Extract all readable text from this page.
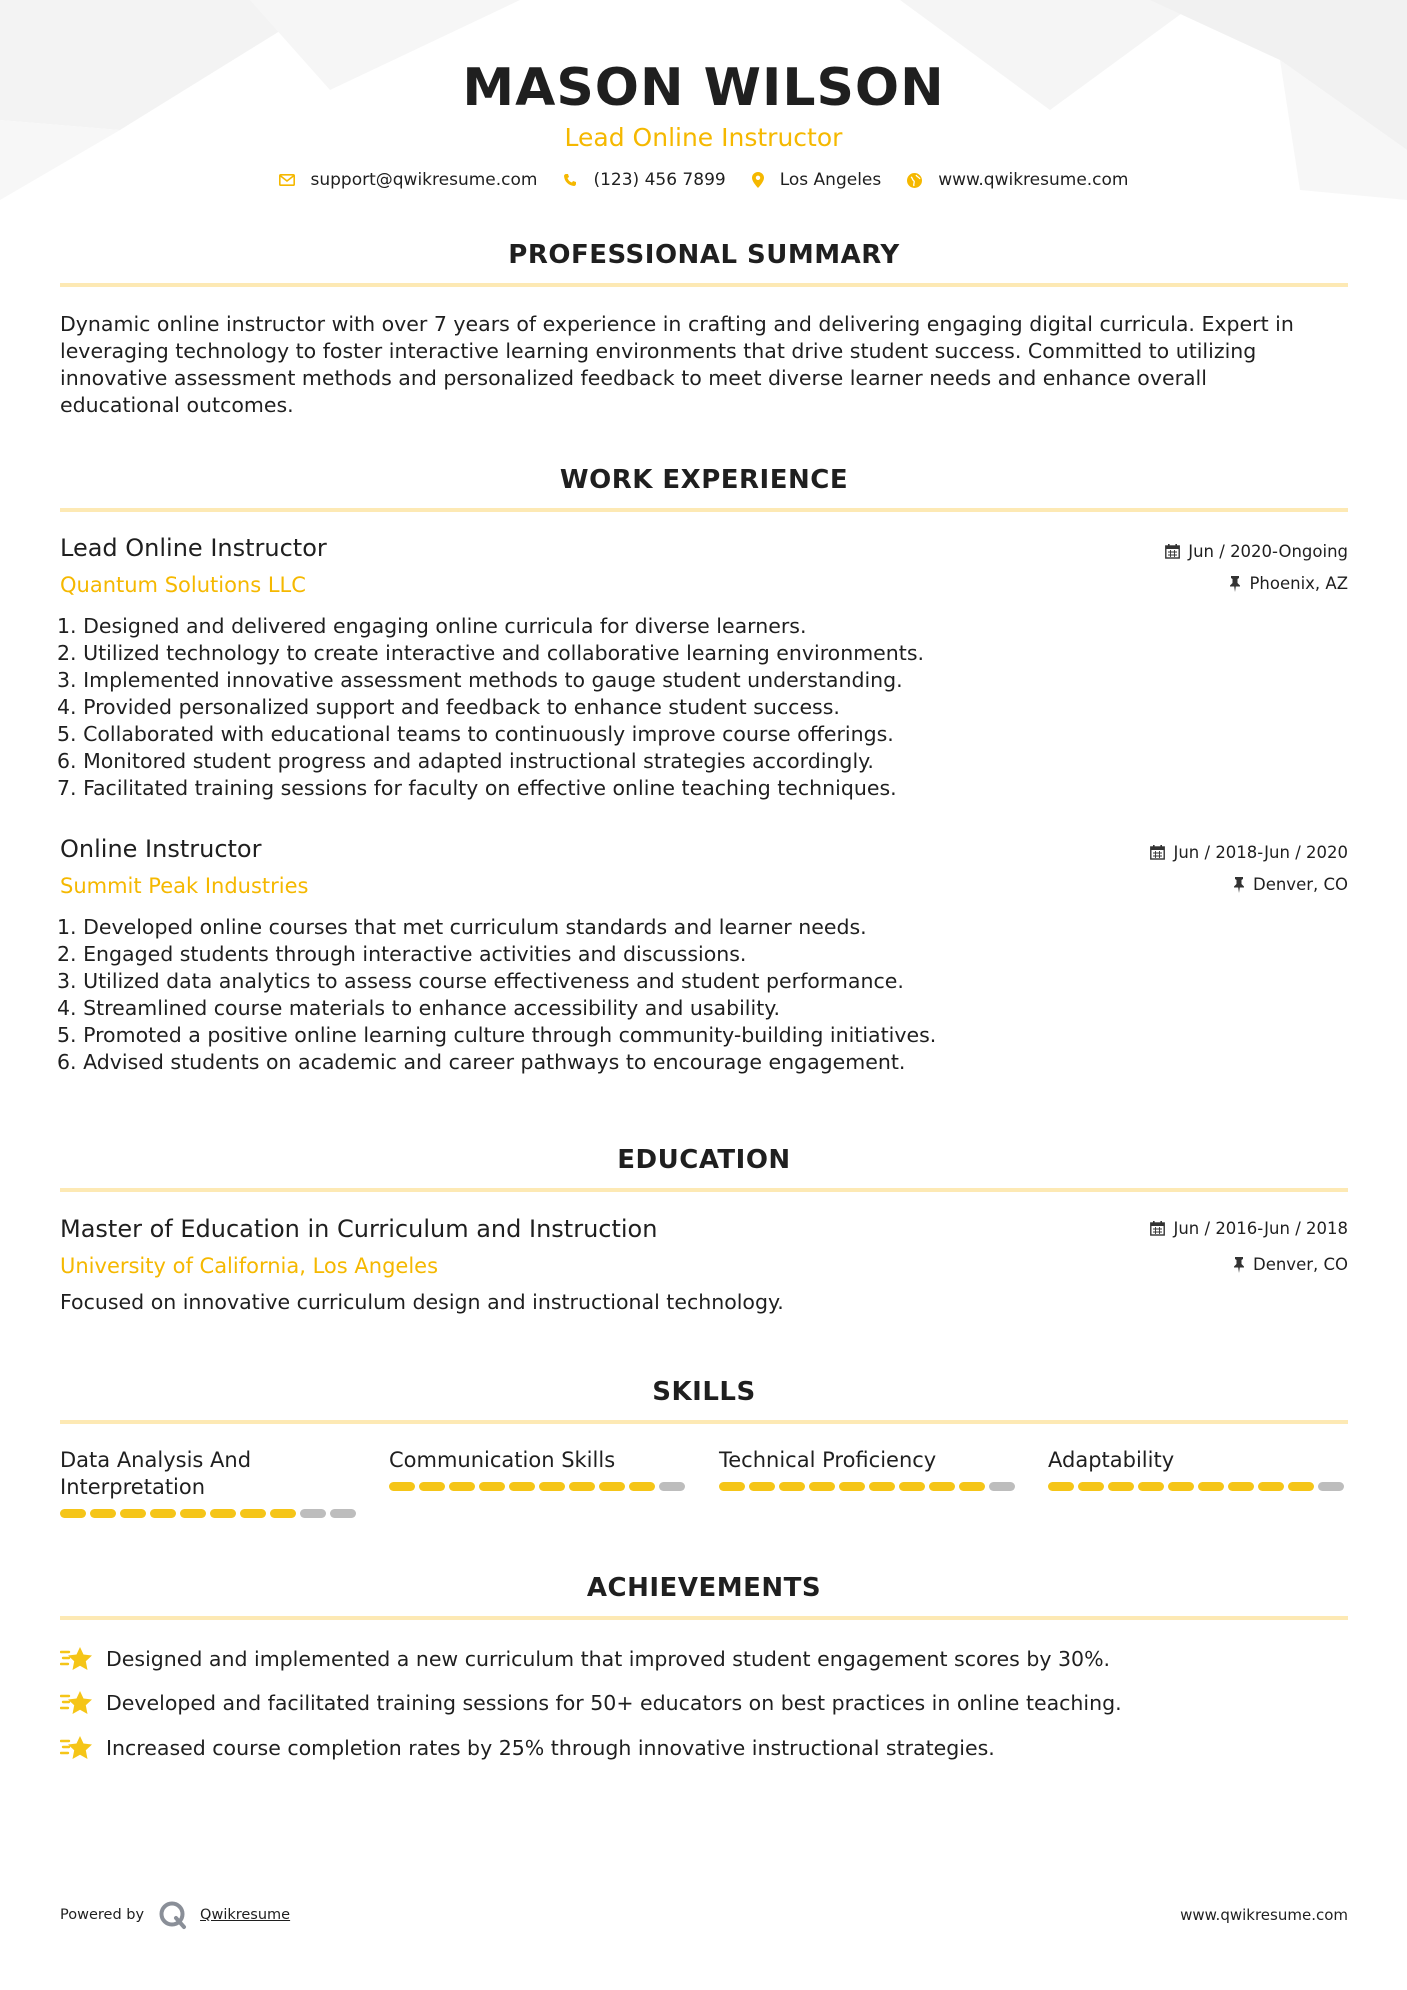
MASON WILSON
Lead Online Instructor
support@qwikresume.com	(123) 456 7899	Los Angeles	www.qwikresume.com
PROFESSIONAL SUMMARY
Dynamic online instructor with over 7 years of experience in crafting and delivering engaging digital curricula. Expert in
leveraging technology to foster interactive learning environments that drive student success. Committed to utilizing
innovative assessment methods and personalized feedback to meet diverse learner needs and enhance overall
educational outcomes.
WORK EXPERIENCE
Lead Online Instructor
Quantum Solutions LLC
Jun / 2020-Ongoing
Phoenix, AZ
1. Designed and delivered engaging online curricula for diverse learners.
2. Utilized technology to create interactive and collaborative learning environments.
3. Implemented innovative assessment methods to gauge student understanding.
4. Provided personalized support and feedback to enhance student success.
5. Collaborated with educational teams to continuously improve course offerings.
6. Monitored student progress and adapted instructional strategies accordingly.
7. Facilitated training sessions for faculty on effective online teaching techniques.
Online Instructor
Summit Peak Industries
Jun / 2018-Jun / 2020
Denver, CO
1. Developed online courses that met curriculum standards and learner needs.
2. Engaged students through interactive activities and discussions.
3. Utilized data analytics to assess course effectiveness and student performance.
4. Streamlined course materials to enhance accessibility and usability.
5. Promoted a positive online learning culture through community-building initiatives.
6. Advised students on academic and career pathways to encourage engagement.
EDUCATION
Master of Education in Curriculum and Instruction
University of California, Los Angeles
Jun / 2016-Jun / 2018
Denver, CO
Focused on innovative curriculum design and instructional technology.
SKILLS
Data Analysis And
Interpretation
Communication Skills	Technical Proficiency	Adaptability
ACHIEVEMENTS
Designed and implemented a new curriculum that improved student engagement scores by 30%.
Developed and facilitated training sessions for 50+ educators on best practices in online teaching.
Increased course completion rates by 25% through innovative instructional strategies.
Powered by	Qwikresume	www.qwikresume.com
